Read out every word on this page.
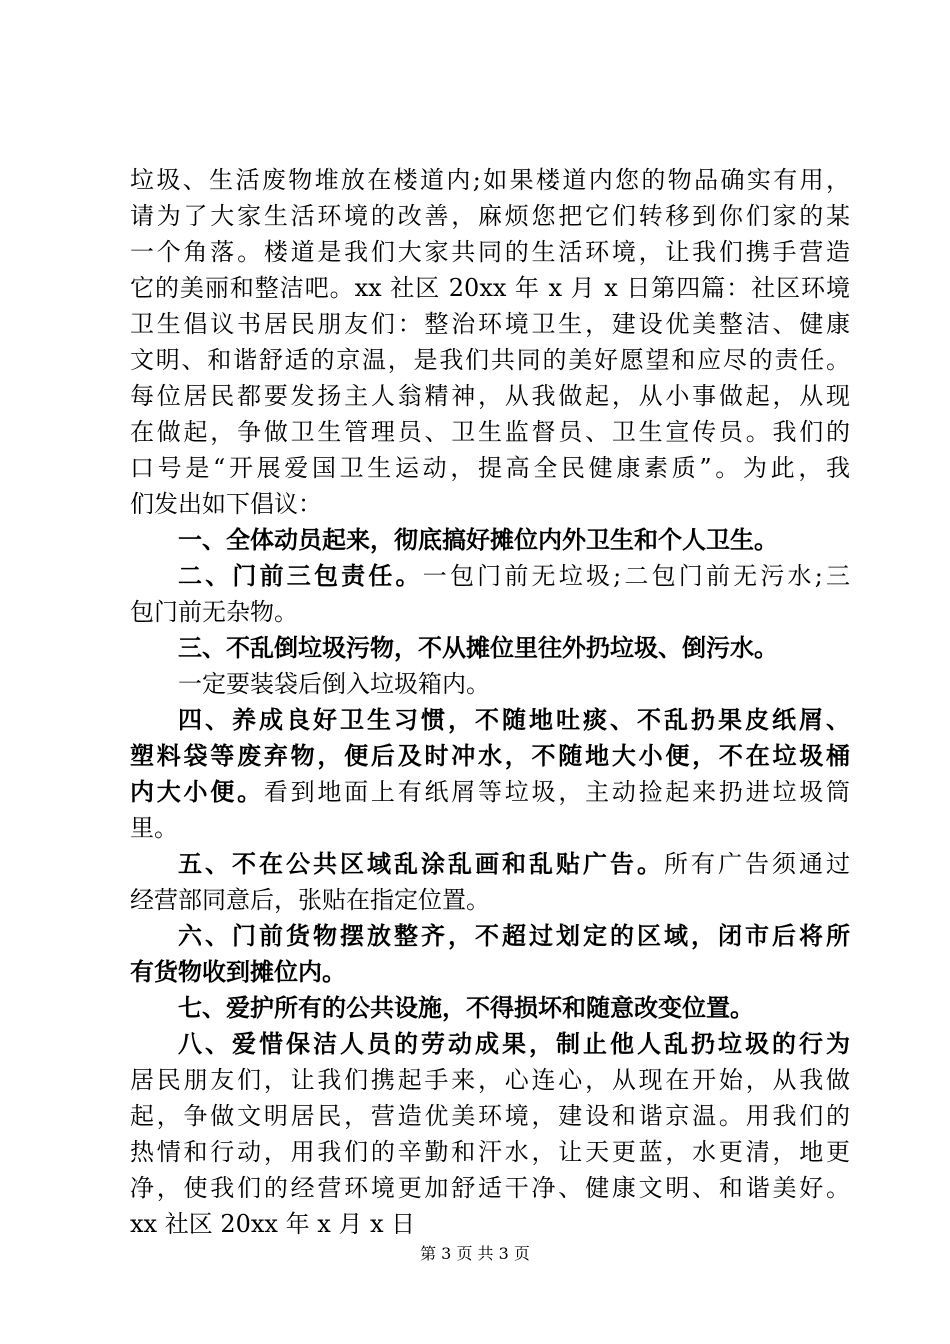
垃圾、生活废物堆放在楼道内;如果楼道内您的物品确实有用，
请为了大家生活环境的改善，麻烦您把它们转移到你们家的某
一个角落。楼道是我们大家共同的生活环境，让我们携手营造
它的美丽和整洁吧。xx 社区 20xx 年 x 月 x 日第四篇：社区环境
卫生倡议书居民朋友们：整治环境卫生，建设优美整洁、健康
文明、和谐舒适的京温，是我们共同的美好愿望和应尽的责任。
每位居民都要发扬主人翁精神，从我做起，从小事做起，从现
在做起，争做卫生管理员、卫生监督员、卫生宣传员。我们的
口号是“开展爱国卫生运动，提高全民健康素质”。为此，我
们发出如下倡议：
一、全体动员起来，彻底搞好摊位内外卫生和个人卫生。
二、门前三包责任。一包门前无垃圾;二包门前无污水;三
包门前无杂物。
三、不乱倒垃圾污物，不从摊位里往外扔垃圾、倒污水。
一定要装袋后倒入垃圾箱内。
四、养成良好卫生习惯，不随地吐痰、不乱扔果皮纸屑、
塑料袋等废弃物，便后及时冲水，不随地大小便，不在垃圾桶
内大小便。看到地面上有纸屑等垃圾，主动捡起来扔进垃圾筒
里。
五、不在公共区域乱涂乱画和乱贴广告。所有广告须通过
经营部同意后，张贴在指定位置。
六、门前货物摆放整齐，不超过划定的区域，闭市后将所
有货物收到摊位内。
七、爱护所有的公共设施，不得损坏和随意改变位置。
八、爱惜保洁人员的劳动成果，制止他人乱扔垃圾的行为
居民朋友们，让我们携起手来，心连心，从现在开始，从我做
起，争做文明居民，营造优美环境，建设和谐京温。用我们的
热情和行动，用我们的辛勤和汗水，让天更蓝，水更清，地更
净，使我们的经营环境更加舒适干净、健康文明、和谐美好。
xx 社区 20xx 年 x 月 x 日
第 3 页 共 3 页
